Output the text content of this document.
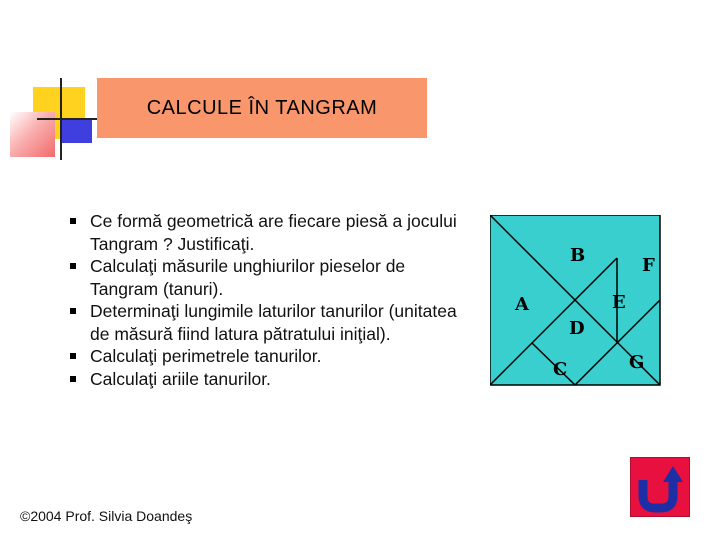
CALCULE ÎN TANGRAM
Ce formă geometrică are fiecare piesă a jocului Tangram ? Justificaţi.
Calculaţi măsurile unghiurilor pieselor de Tangram (tanuri).
Determinaţi lungimile laturilor tanurilor (unitatea de măsură fiind latura pătratului iniţial).
Calculaţi perimetrele tanurilor.
Calculaţi ariile tanurilor.
B	F
A	E
D
C	G
©2004 Prof. Silvia Doandeş
